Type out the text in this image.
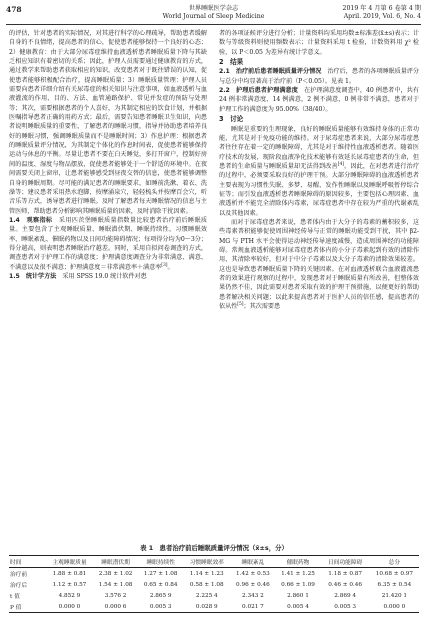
478	世界睡眠医学杂志
World Journal of Sleep Medicine
2019 年 4 月第 6 卷第 4 期
April. 2019, Vol. 6, No. 4

的评估，针对患者的实际情况，对其进行科学的心理疏导，帮助患者缓解自身的不良情绪，提高患者的信心，促使患者能够保持一个良好的心态；2）健康教育：由于大部分尿毒症维持血液透析患者睡眠质量下降与其缺乏相应知识有着密切的关系；因此，护理人员需要通过健康教育的方式，通过教学来帮助患者获取相应的知识，改变患者对于既往错误的认知，促使患者能够积极配合治疗，提高睡眠质量；3）睡眠质量管理：护理人员需要向患者详细介绍有关尿毒症的相关知识与注意事项，如血液透析与血液灌流的作用、目的、方法、血管通路保护、常见并发症的预防与处理等；其次，需要根据患者的个人喜好，为其制定相应的饮食计划，并根据医嘱指导患者正确的用药方式；最后，需要告知患者睡眠卫生知识，向患者说明睡眠质量的重要性，了解患者的睡眠习惯，指导并协助患者培养良好的睡眠习惯，强调睡眠质量而不是睡眠时间；3）作息护理：根据患者的睡眠质量评分情况，为其制定个体化的作息时间表，促使患者能够保持运动与休息的平衡。尽量让患者不要在白天睡觉，多打开窗户，控制好房间的温度、湿度与物品摆放，促使患者能够处于一个舒适的环境中。在夜间需要关闭上窗帘，让患者能够感受到昼夜交替的信息，使患者能够调整自身的睡眠周期。尽可能的满足患者的睡眠要求，如睡前洗漱、着衣、洗澡等；建议患者采用热水泡脚，按摩涌泉穴，轻轻梳头并按摩百会穴，听音乐等方式，诱导患者进行睡眠。及时了解患者每天睡眠情况的信息与主管医师，帮助患者分析影响其睡眠质量的因素，及时消除干扰因素。

1.4　观察指标　 采用匹茨堡睡眠质量指数量比较患者治疗前后睡眠质量。主要包含了主观睡眠质量、睡眠潜伏期、睡眠持续性、习惯睡眠效率、睡眠紊乱、催眠药物以及日间功能障碍情况；每项得分均为0～3分；得分越高，则表明患者睡眠治疗越差。同时，采用自拟问卷调查的方式，调查患者对于护理工作的满意度；护理满意度调查分为非常满意、满意、不满意以及很不满意；护理满意度＝非常满意率＋满意率[3]。

1.5　统计学方法　 采用 SPSS 19.0 统计软件对患

者的各项证候评分进行分析；计量资料均采用均数±标准差(x̄±s)表示；计数与等级资料则使用频数表示；计量资料采用 t 检验，计数资料用 χ² 检验，以 P＜0.05 为差异有统计学意义。

2　结果

2.1　治疗前后患者睡眠质量评分情况　 治疗后，患者的各项睡眠质量评分与总分中均显著高于治疗前（P＜0.05）。见表 1。

2.2　护理后患者护理满意度　 在护理满意度调查中，40 例患者中，共有 24 例非常满意度、14 例满意，2 例不满意，0 例非常不满意，患者对于护理工作的满意度为 95.00%（38/40）。

3　讨论

睡眠是重要的生理现象，良好的睡眠质量能够有效维持身体的正常功能，尤其是对于免疫功能的维持。对于尿毒症患者来说，大部分尿毒症患者往往存在着一定的睡眠障碍，尤其是对于维持性血液透析患者。随着医疗技术的发展，现阶段血液净化技术能够有效延长尿毒症患者的生命，但患者的生命质量与睡眠质量却无法得到改善[4]。因此，在对患者进行治疗的过程中，必须要采取良好的护理干预。大部分睡眠障碍的血液透析患者主要表现为习惯性失眠、多梦、易醒、发作性睡眠以及睡眠呼吸暂停综合征等；而引发血液透析患者睡眠障碍的原因较多，主要包括心理因素、血液透析并不能完全清除体内毒素，尿毒症患者中存在较为严重的代谢紊乱以及其他因素。

而对于尿毒症患者来说，患者体内由于大分子的毒素的蓄积较多，这些毒素普积能够促使周围神经传导与正常的睡眠功能受到干扰，其中 β2-MG 与 PTH 水平会使得运动神经传导速度减慢，造成周围神经的功能障碍。常规血液透析能够对尿毒症患者体内的小分子毒素起到有效的清除作用，其清除率较好，但对于中分子毒素以及大分子毒素的清除效果较差。这也是导致患者睡眠质量下降的关键因素。在对血液透析联合血液灌流患者的效果进行观察的过程中，发现患者对于睡眠质量有所改善，但整体效果仍然不佳，因此需要对患者采取有效的护理干预措施，以便更好的帮助患者解决相关问题；以此来提高患者对于医护人员的信任感，提高患者的依从性[5]；其次需要患

表 1　患者治疗前后睡眠质量评分情况（x̄±s，分）
时间	主观睡眠质量	睡眠潜伏期	睡眠持续性	习惯睡眠效率	睡眠紊乱	催眠药物	日间功能障碍	总分
治疗前	1.88 ± 0.81	2.38 ± 1.02	1.27 ± 1.08	1.14 ± 1.23	1.42 ± 0.53	1.41 ± 1.25	1.18 ± 0.87	10.68 ± 0.97
治疗后	1.12 ± 0.57	1.54 ± 1.08	0.65 ± 0.84	0.58 ± 1.08	0.96 ± 0.46	0.66 ± 1.09	0.46 ± 0.46	6.35 ± 0.54
t 值	4.852 9	3.576 2	2.865 9	2.225 4	2.343 2	2.860 1	2.869 4	21.420 1
P 值	0.000 0	0.000 6	0.005 3	0.028 9	0.021 7	0.005 4	0.005 3	0.000 0
